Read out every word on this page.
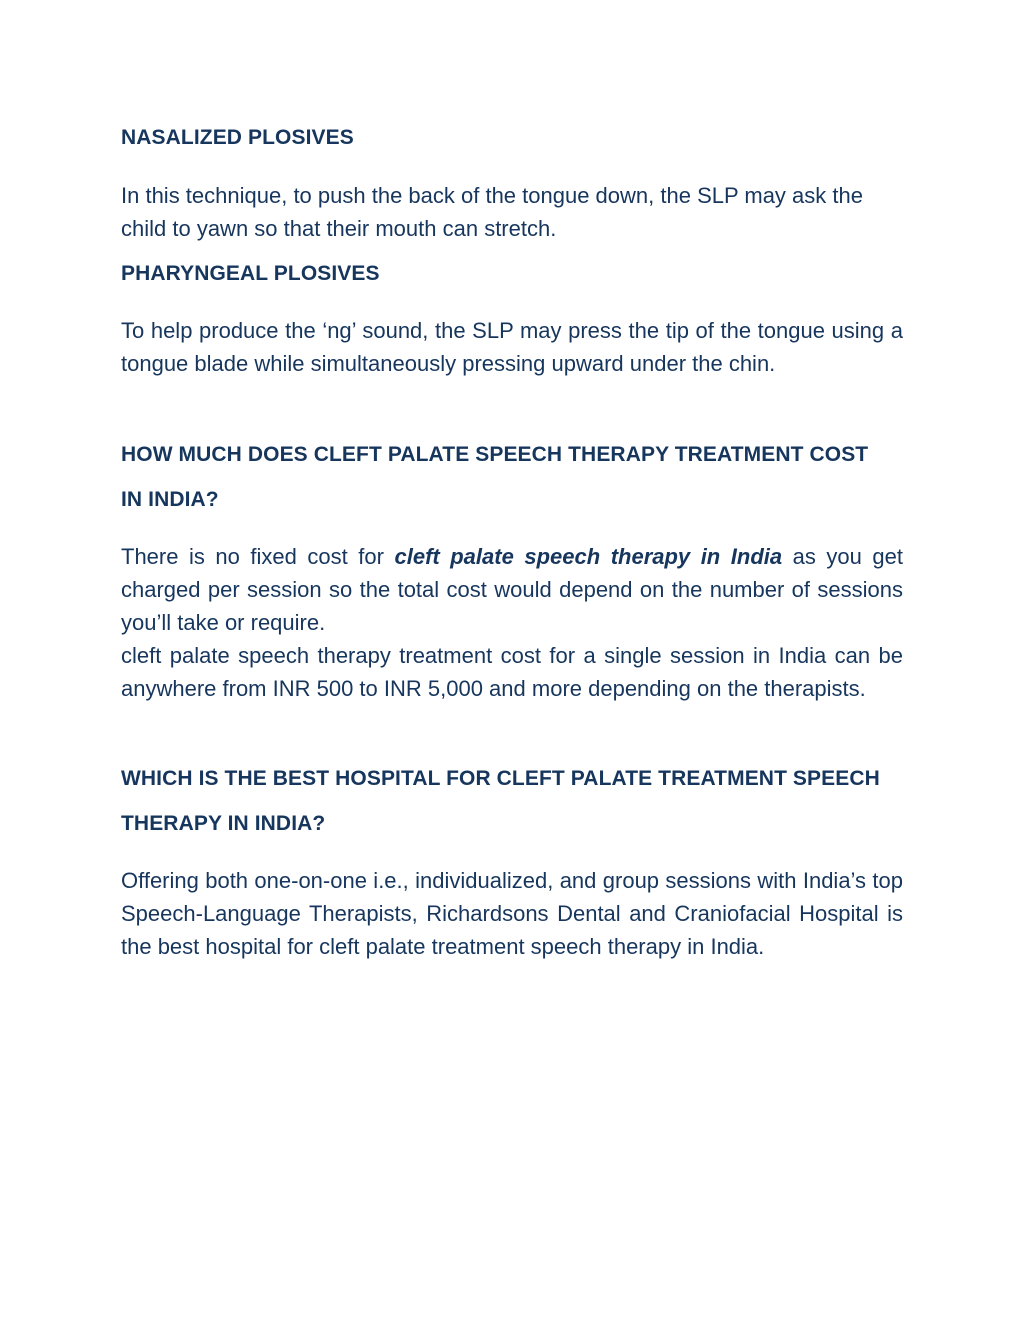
NASALIZED PLOSIVES

In this technique, to push the back of the tongue down, the SLP may ask the child to yawn so that their mouth can stretch.

PHARYNGEAL PLOSIVES

To help produce the ‘ng’ sound, the SLP may press the tip of the tongue using a tongue blade while simultaneously pressing upward under the chin.

HOW MUCH DOES CLEFT PALATE SPEECH THERAPY TREATMENT COST
IN INDIA?

There is no fixed cost for cleft palate speech therapy in India as you get charged per session so the total cost would depend on the number of sessions you’ll take or require.

cleft palate speech therapy treatment cost for a single session in India can be anywhere from INR 500 to INR 5,000 and more depending on the therapists.

WHICH IS THE BEST HOSPITAL FOR CLEFT PALATE TREATMENT SPEECH
THERAPY IN INDIA?

Offering both one-on-one i.e., individualized, and group sessions with India’s top Speech-Language Therapists, Richardsons Dental and Craniofacial Hospital is the best hospital for cleft palate treatment speech therapy in India.
